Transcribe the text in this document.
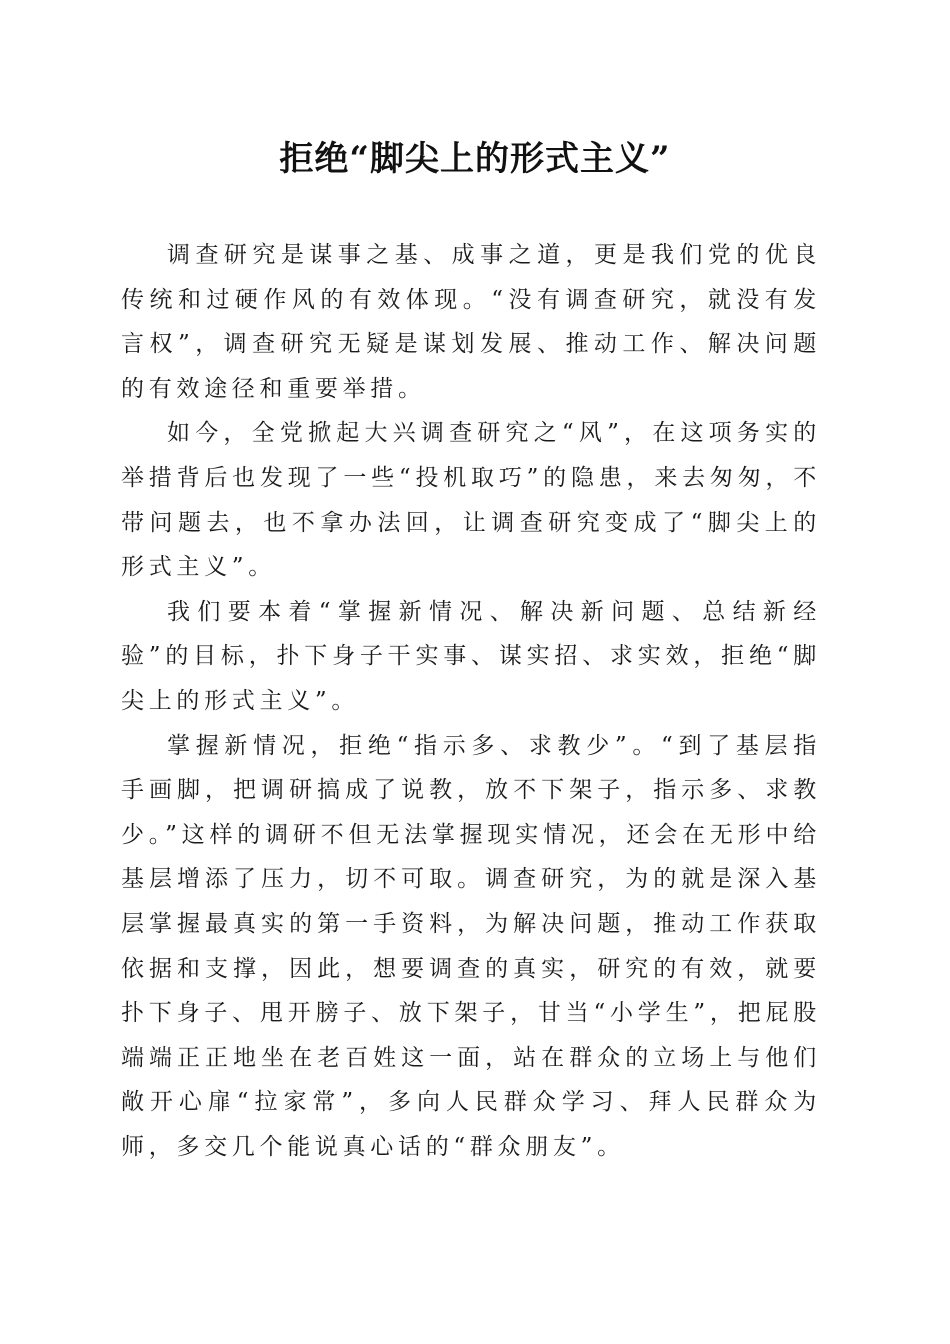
拒绝“脚尖上的形式主义”

调查研究是谋事之基、成事之道，更是我们党的优良传统和过硬作风的有效体现。“没有调查研究，就没有发言权”，调查研究无疑是谋划发展、推动工作、解决问题的有效途径和重要举措。

如今，全党掀起大兴调查研究之“风”，在这项务实的举措背后也发现了一些“投机取巧”的隐患，来去匆匆，不带问题去，也不拿办法回，让调查研究变成了“脚尖上的形式主义”。

我们要本着“掌握新情况、解决新问题、总结新经验”的目标，扑下身子干实事、谋实招、求实效，拒绝“脚尖上的形式主义”。

掌握新情况，拒绝“指示多、求教少”。“到了基层指手画脚，把调研搞成了说教，放不下架子，指示多、求教少。”这样的调研不但无法掌握现实情况，还会在无形中给基层增添了压力，切不可取。调查研究，为的就是深入基层掌握最真实的第一手资料，为解决问题，推动工作获取依据和支撑，因此，想要调查的真实，研究的有效，就要扑下身子、甩开膀子、放下架子，甘当“小学生”，把屁股端端正正地坐在老百姓这一面，站在群众的立场上与他们敞开心扉“拉家常”，多向人民群众学习、拜人民群众为师，多交几个能说真心话的“群众朋友”。
